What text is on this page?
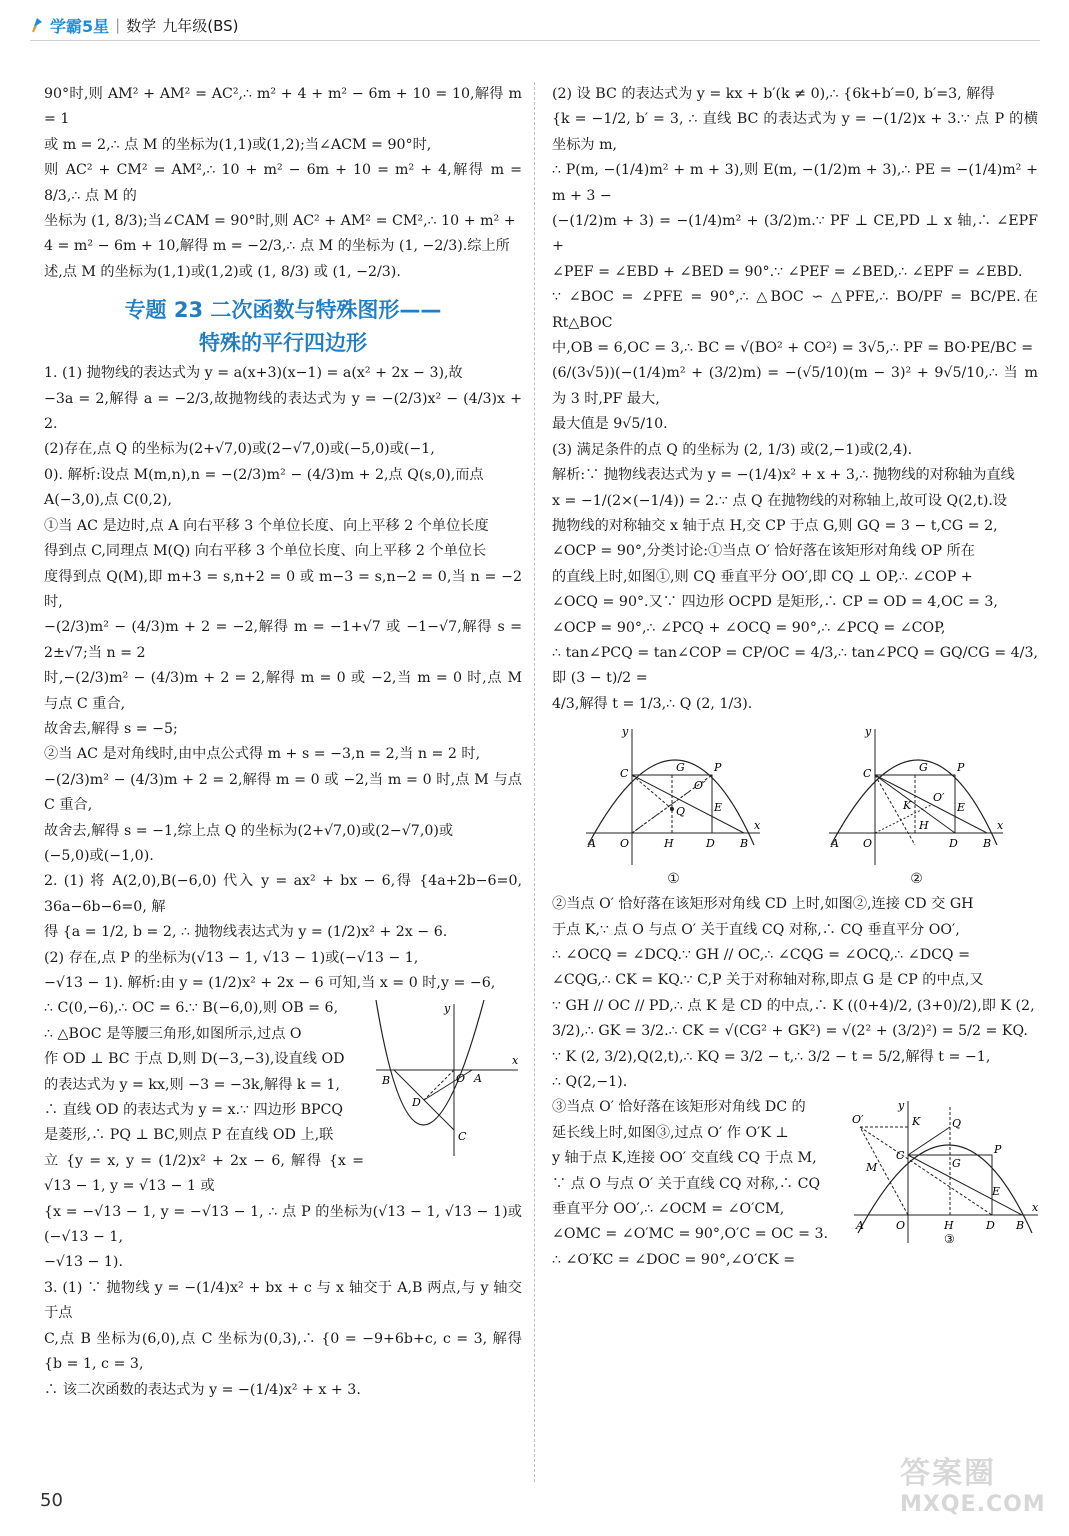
学霸5星 | 数学 九年级(BS)

90°时,则 AM² + AM² = AC²,∴ m² + 4 + m² − 6m + 10 = 10,解得 m = 1

或 m = 2,∴ 点 M 的坐标为(1,1)或(1,2);当∠ACM = 90°时,

则 AC² + CM² = AM²,∴ 10 + m² − 6m + 10 = m² + 4,解得 m = 8/3,∴ 点 M 的

坐标为 (1, 8/3);当∠CAM = 90°时,则 AC² + AM² = CM²,∴ 10 + m² +

4 = m² − 6m + 10,解得 m = −2/3,∴ 点 M 的坐标为 (1, −2/3).综上所

述,点 M 的坐标为(1,1)或(1,2)或 (1, 8/3) 或 (1, −2/3).

专题 23 二次函数与特殊图形——
特殊的平行四边形

1. (1) 抛物线的表达式为 y = a(x+3)(x−1) = a(x² + 2x − 3),故

−3a = 2,解得 a = −2/3,故抛物线的表达式为 y = −(2/3)x² − (4/3)x + 2.

(2)存在,点 Q 的坐标为(2+√7,0)或(2−√7,0)或(−5,0)或(−1,

0). 解析:设点 M(m,n),n = −(2/3)m² − (4/3)m + 2,点 Q(s,0),而点

A(−3,0),点 C(0,2),

①当 AC 是边时,点 A 向右平移 3 个单位长度、向上平移 2 个单位长度

得到点 C,同理点 M(Q) 向右平移 3 个单位长度、向上平移 2 个单位长

度得到点 Q(M),即 m+3 = s,n+2 = 0 或 m−3 = s,n−2 = 0,当 n = −2 时,

−(2/3)m² − (4/3)m + 2 = −2,解得 m = −1+√7 或 −1−√7,解得 s = 2±√7;当 n = 2

时,−(2/3)m² − (4/3)m + 2 = 2,解得 m = 0 或 −2,当 m = 0 时,点 M 与点 C 重合,

故舍去,解得 s = −5;

②当 AC 是对角线时,由中点公式得 m + s = −3,n = 2,当 n = 2 时,

−(2/3)m² − (4/3)m + 2 = 2,解得 m = 0 或 −2,当 m = 0 时,点 M 与点 C 重合,

故舍去,解得 s = −1,综上点 Q 的坐标为(2+√7,0)或(2−√7,0)或

(−5,0)或(−1,0).

2. (1) 将 A(2,0),B(−6,0) 代入 y = ax² + bx − 6,得 {4a+2b−6=0, 36a−6b−6=0, 解

得 {a = 1/2, b = 2, ∴ 抛物线表达式为 y = (1/2)x² + 2x − 6.

(2) 存在,点 P 的坐标为(√13 − 1, √13 − 1)或(−√13 − 1,

−√13 − 1). 解析:由 y = (1/2)x² + 2x − 6 可知,当 x = 0 时,y = −6,

y
x
B	O A
D
C

∴ C(0,−6),∴ OC = 6.∵ B(−6,0),则 OB = 6,

∴ △BOC 是等腰三角形,如图所示,过点 O

作 OD ⊥ BC 于点 D,则 D(−3,−3),设直线 OD

的表达式为 y = kx,则 −3 = −3k,解得 k = 1,

∴ 直线 OD 的表达式为 y = x.∵ 四边形 BPCQ

是菱形,∴ PQ ⊥ BC,则点 P 在直线 OD 上,联

立 {y = x, y = (1/2)x² + 2x − 6, 解得 {x = √13 − 1, y = √13 − 1 或

{x = −√13 − 1, y = −√13 − 1, ∴ 点 P 的坐标为(√13 − 1, √13 − 1)或(−√13 − 1,

−√13 − 1).

3. (1) ∵ 抛物线 y = −(1/4)x² + bx + c 与 x 轴交于 A,B 两点,与 y 轴交于点

C,点 B 坐标为(6,0),点 C 坐标为(0,3),∴ {0 = −9+6b+c, c = 3, 解得 {b = 1, c = 3,

∴ 该二次函数的表达式为 y = −(1/4)x² + x + 3.

(2) 设 BC 的表达式为 y = kx + b′(k ≠ 0),∴ {6k+b′=0, b′=3, 解得

{k = −1/2, b′ = 3, ∴ 直线 BC 的表达式为 y = −(1/2)x + 3.∵ 点 P 的横坐标为 m,

∴ P(m, −(1/4)m² + m + 3),则 E(m, −(1/2)m + 3),∴ PE = −(1/4)m² + m + 3 −

(−(1/2)m + 3) = −(1/4)m² + (3/2)m.∵ PF ⊥ CE,PD ⊥ x 轴,∴ ∠EPF +

∠PEF = ∠EBD + ∠BED = 90°.∵ ∠PEF = ∠BED,∴ ∠EPF = ∠EBD.

∵ ∠BOC = ∠PFE = 90°,∴ △BOC ∽ △PFE,∴ BO/PF = BC/PE.在 Rt△BOC

中,OB = 6,OC = 3,∴ BC = √(BO² + CO²) = 3√5,∴ PF = BO·PE/BC =

(6/(3√5))(−(1/4)m² + (3/2)m) = −(√5/10)(m − 3)² + 9√5/10,∴ 当 m 为 3 时,PF 最大,

最大值是 9√5/10.

(3) 满足条件的点 Q 的坐标为 (2, 1/3) 或(2,−1)或(2,4).

解析:∵ 抛物线表达式为 y = −(1/4)x² + x + 3,∴ 抛物线的对称轴为直线

x = −1/(2×(−1/4)) = 2.∵ 点 Q 在抛物线的对称轴上,故可设 Q(2,t).设

抛物线的对称轴交 x 轴于点 H,交 CP 于点 G,则 GQ = 3 − t,CG = 2,

∠OCP = 90°,分类讨论:①当点 O′ 恰好落在该矩形对角线 OP 所在

的直线上时,如图①,则 CQ 垂直平分 OO′,即 CQ ⊥ OP,∴ ∠COP +

∠OCQ = 90°.又∵ 四边形 OCPD 是矩形,∴ CP = OD = 4,OC = 3,

∠OCP = 90°,∴ ∠PCQ + ∠OCQ = 90°,∴ ∠PCQ = ∠COP,

∴ tan∠PCQ = tan∠COP = CP/OC = 4/3,∴ tan∠PCQ = GQ/CG = 4/3,即 (3 − t)/2 =

4/3,解得 t = 1/3,∴ Q (2, 1/3).

y
x
C	G	P
O′
E
Q
A O	H	D B
①
y
x
C	G	P
O′
K	E
A O
H
D B
②

②当点 O′ 恰好落在该矩形对角线 CD 上时,如图②,连接 CD 交 GH

于点 K,∵ 点 O 与点 O′ 关于直线 CQ 对称,∴ CQ 垂直平分 OO′,

∴ ∠OCQ = ∠DCQ.∵ GH // OC,∴ ∠CQG = ∠OCQ,∴ ∠DCQ =

∠CQG,∴ CK = KQ.∵ C,P 关于对称轴对称,即点 G 是 CP 的中点,又

∵ GH // OC // PD,∴ 点 K 是 CD 的中点,∴ K ((0+4)/2, (3+0)/2),即 K (2,

3/2),∴ GK = 3/2.∴ CK = √(CG² + GK²) = √(2² + (3/2)²) = 5/2 = KQ.

∵ K (2, 3/2),Q(2,t),∴ KQ = 3/2 − t,∴ 3/2 − t = 5/2,解得 t = −1,

∴ Q(2,−1).

y
x
O′	K
C
M
Q
G
P
E
A	O	H	D B
③

③当点 O′ 恰好落在该矩形对角线 DC 的

延长线上时,如图③,过点 O′ 作 O′K ⊥

y 轴于点 K,连接 OO′ 交直线 CQ 于点 M,

∵ 点 O 与点 O′ 关于直线 CQ 对称,∴ CQ

垂直平分 OO′,∴ ∠OCM = ∠O′CM,

∠OMC = ∠O′MC = 90°,O′C = OC = 3.

∴ ∠O′KC = ∠DOC = 90°,∠O′CK =

50
答案圈
MXQE.COM
